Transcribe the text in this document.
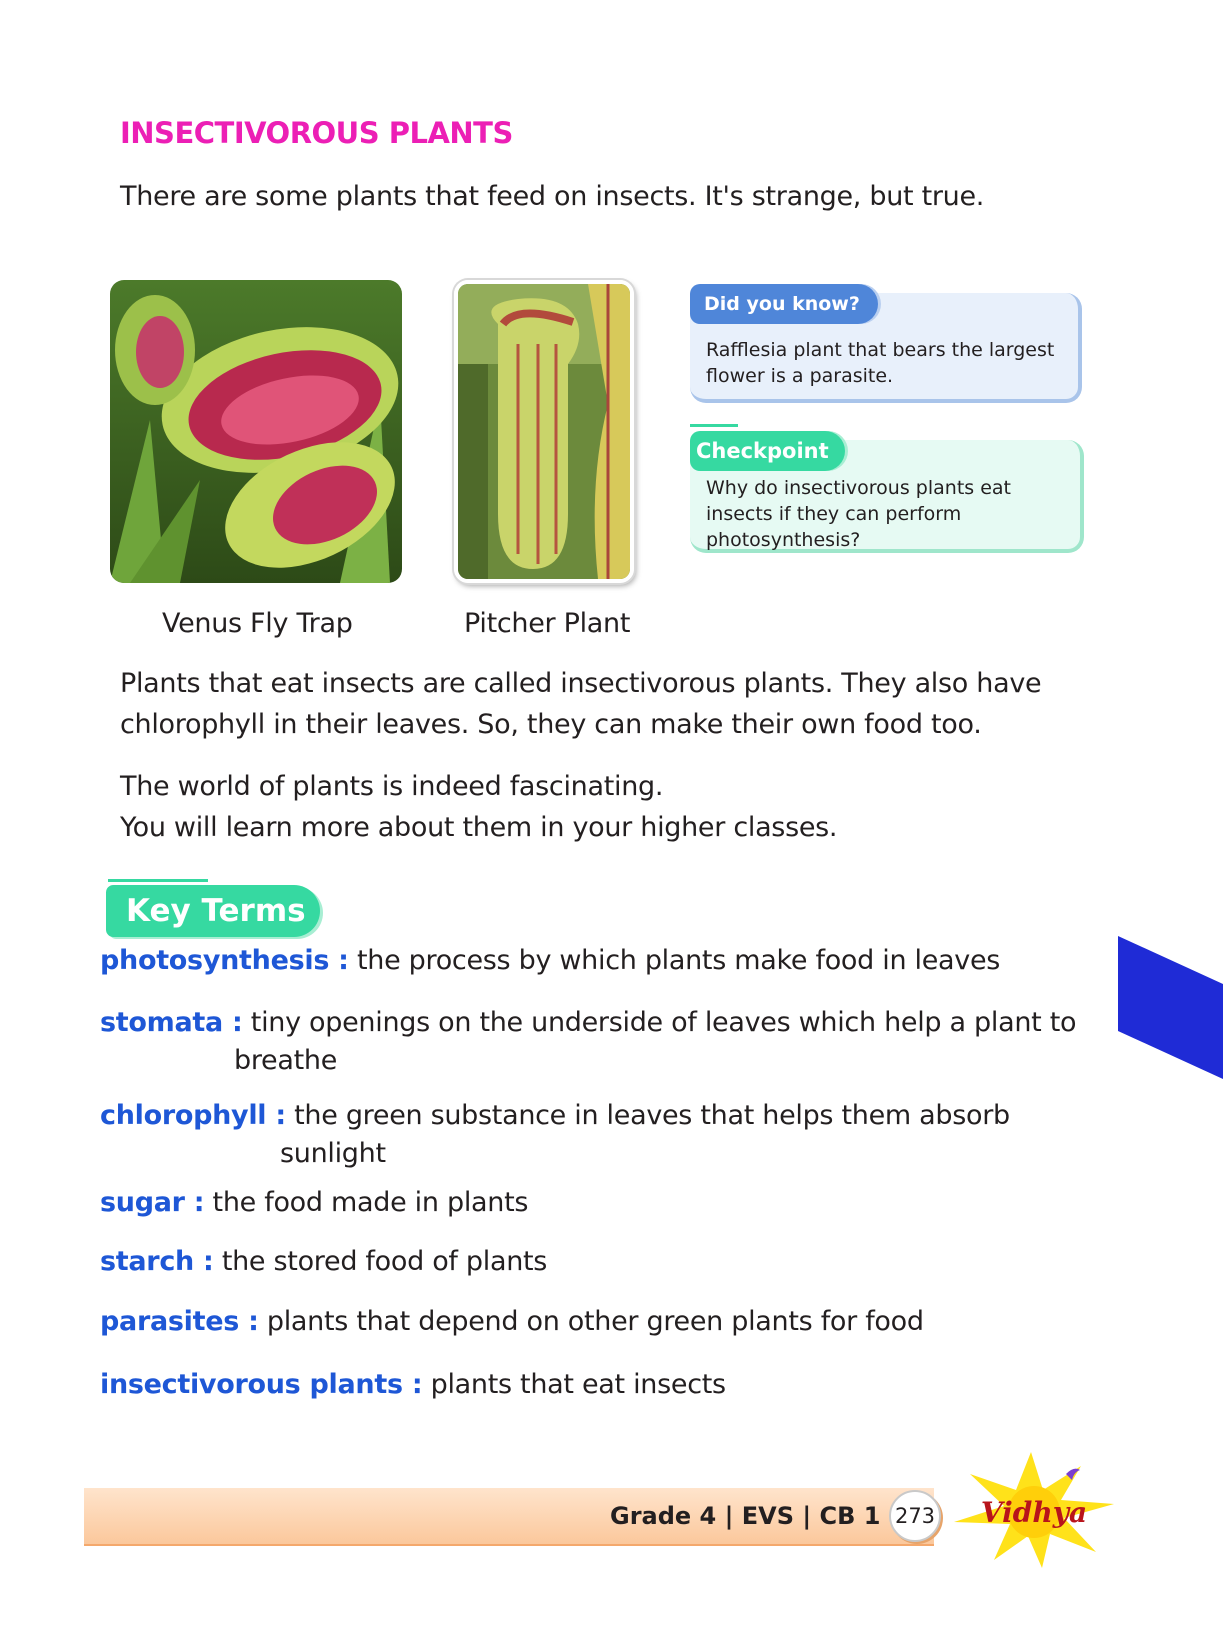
INSECTIVOROUS PLANTS
There are some plants that feed on insects. It's strange, but true.
Venus Fly Trap	Pitcher Plant
Did you know?
Rafflesia plant that bears the largest flower is a parasite.
Checkpoint
Why do insectivorous plants eat insects if they can perform photosynthesis?
Plants that eat insects are called insectivorous plants. They also have
chlorophyll in their leaves. So, they can make their own food too.
The world of plants is indeed fascinating.
You will learn more about them in your higher classes.
Key Terms
photosynthesis : the process by which plants make food in leaves
stomata : tiny openings on the underside of leaves which help a plant to
breathe
chlorophyll : the green substance in leaves that helps them absorb
sunlight
sugar : the food made in plants
starch : the stored food of plants
parasites : plants that depend on other green plants for food
insectivorous plants : plants that eat insects
Grade 4 | EVS | CB 1 273 Vidhya
